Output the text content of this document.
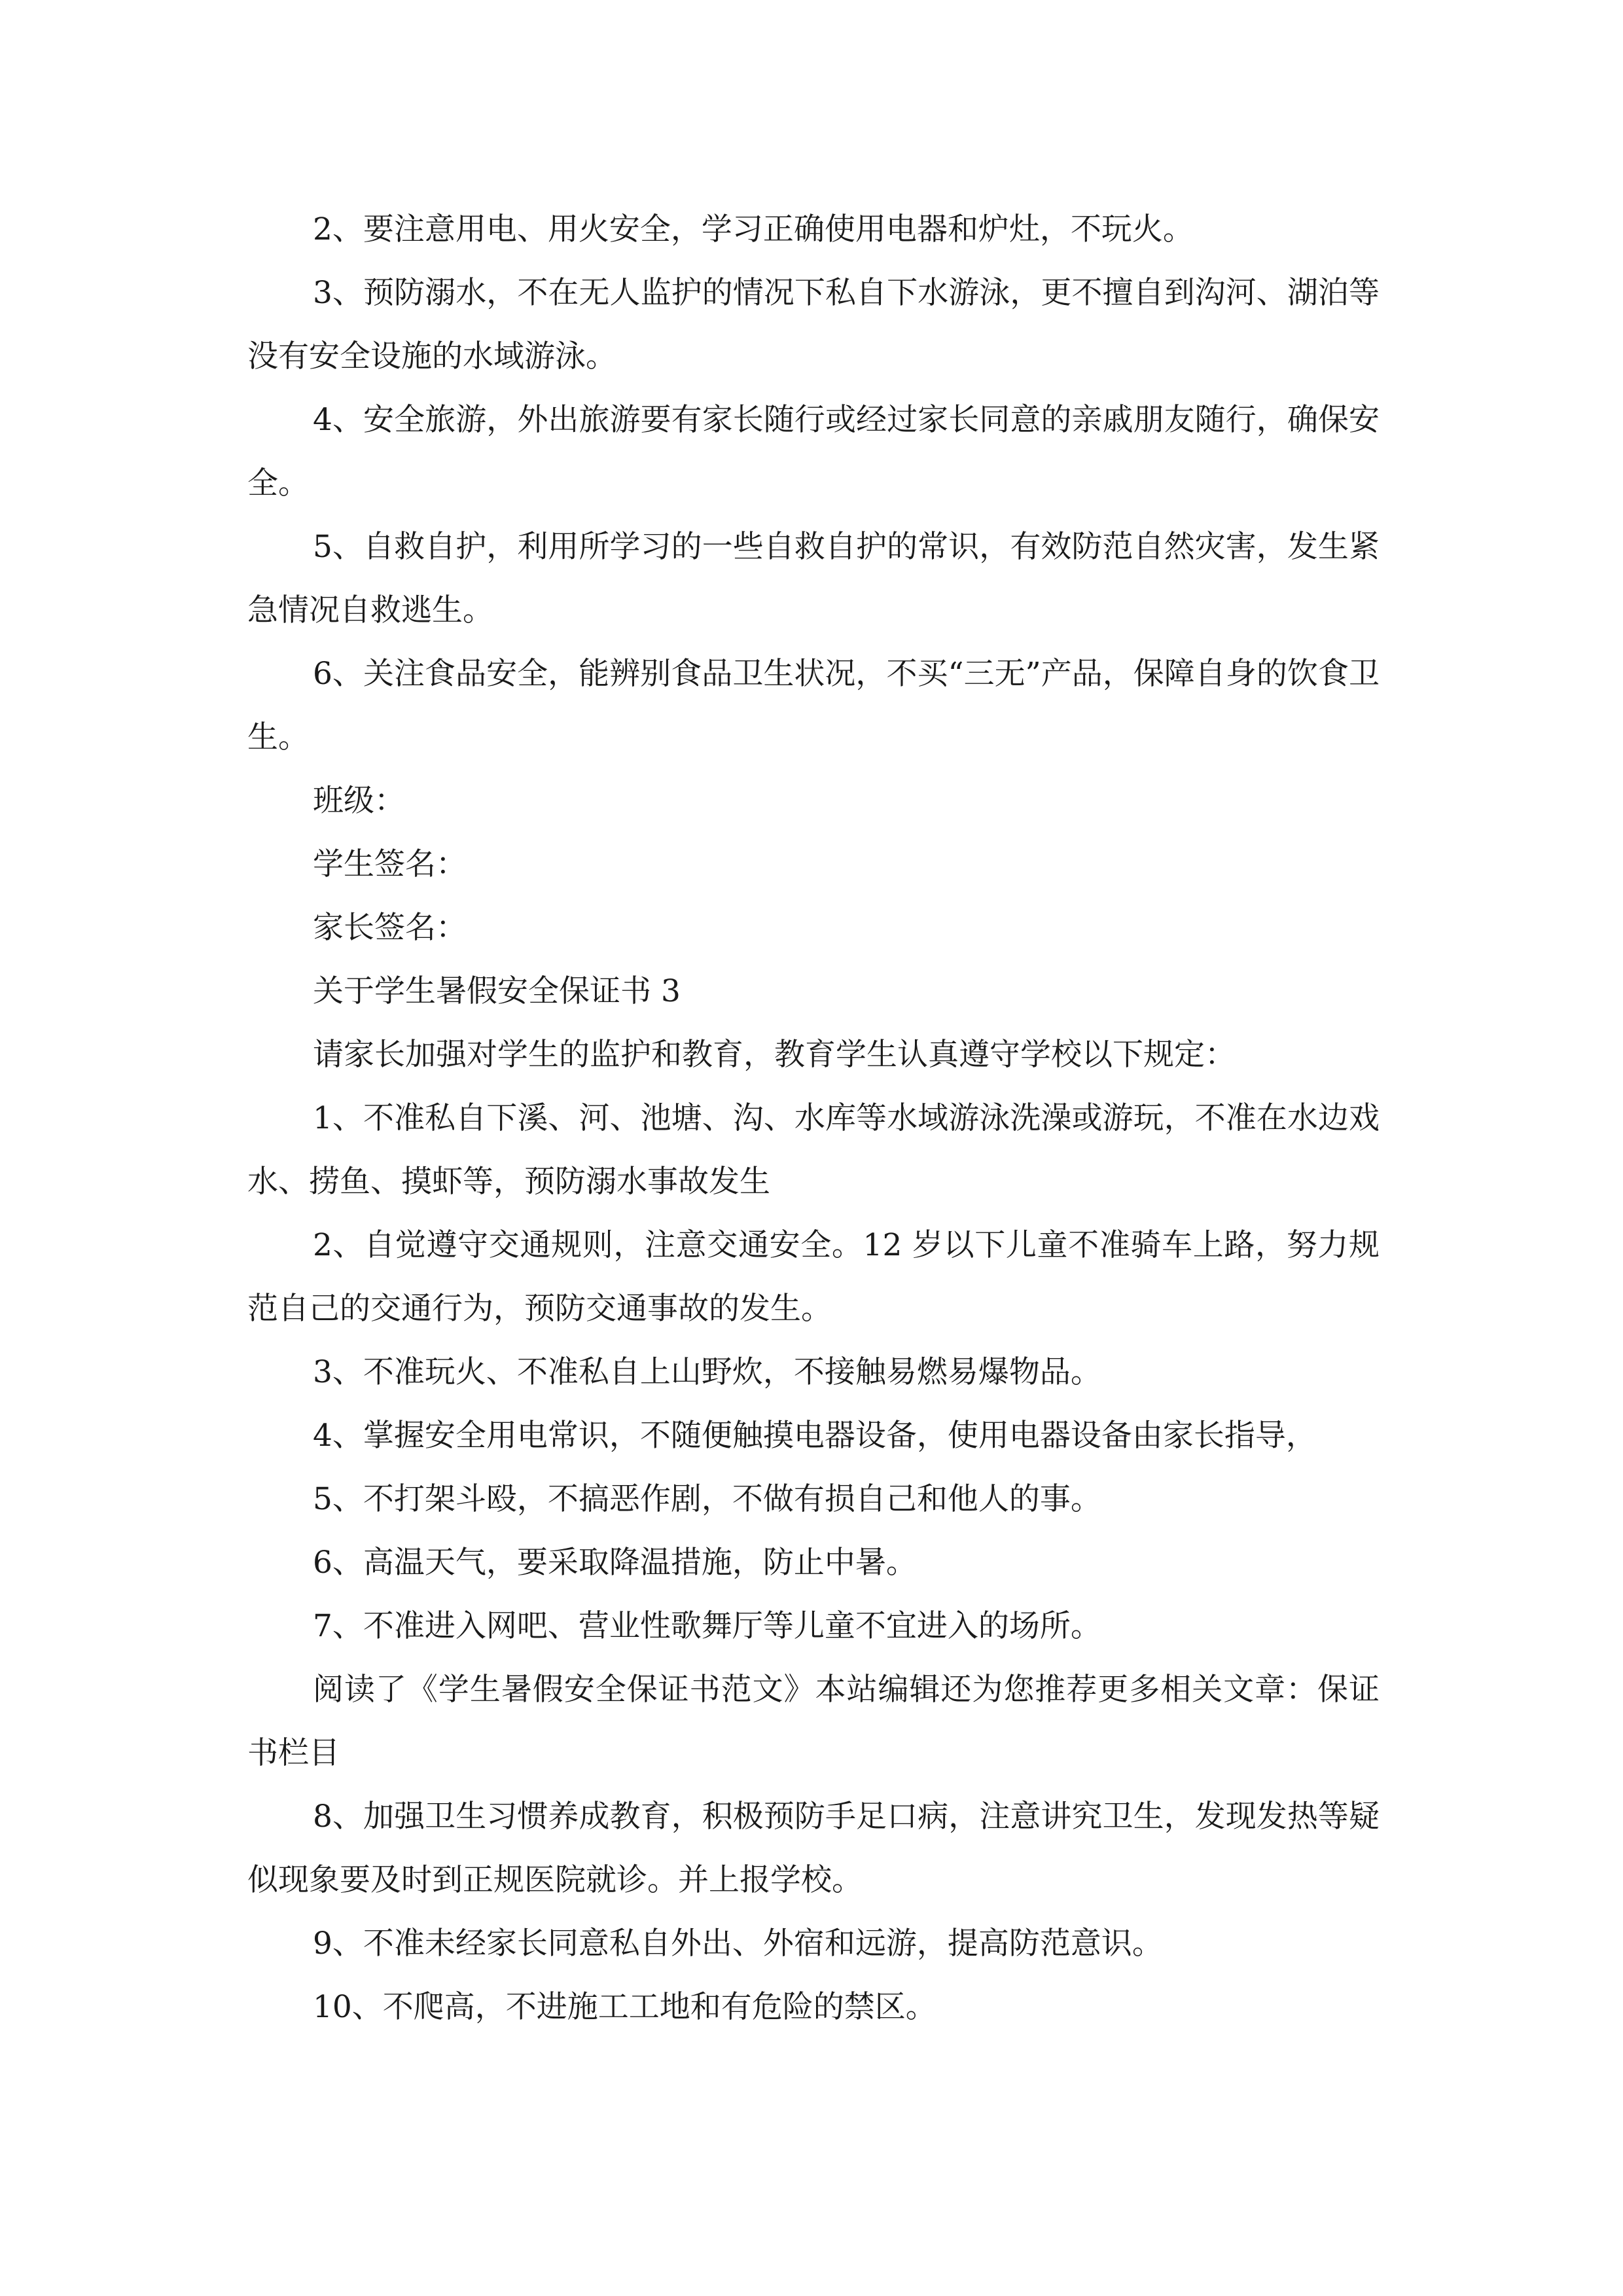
2、要注意用电、用火安全，学习正确使用电器和炉灶，不玩火。

3、预防溺水，不在无人监护的情况下私自下水游泳，更不擅自到沟河、湖泊等没有安全设施的水域游泳。

4、安全旅游，外出旅游要有家长随行或经过家长同意的亲戚朋友随行，确保安全。

5、自救自护，利用所学习的一些自救自护的常识，有效防范自然灾害，发生紧急情况自救逃生。

6、关注食品安全，能辨别食品卫生状况，不买“三无”产品，保障自身的饮食卫生。

班级：

学生签名：

家长签名：

关于学生暑假安全保证书 3

请家长加强对学生的监护和教育，教育学生认真遵守学校以下规定：

1、不准私自下溪、河、池塘、沟、水库等水域游泳洗澡或游玩，不准在水边戏水、捞鱼、摸虾等，预防溺水事故发生

2、自觉遵守交通规则，注意交通安全。12 岁以下儿童不准骑车上路，努力规范自己的交通行为，预防交通事故的发生。

3、不准玩火、不准私自上山野炊，不接触易燃易爆物品。

4、掌握安全用电常识，不随便触摸电器设备，使用电器设备由家长指导，

5、不打架斗殴，不搞恶作剧，不做有损自己和他人的事。

6、高温天气，要采取降温措施，防止中暑。

7、不准进入网吧、营业性歌舞厅等儿童不宜进入的场所。

阅读了《学生暑假安全保证书范文》本站编辑还为您推荐更多相关文章：保证书栏目

8、加强卫生习惯养成教育，积极预防手足口病，注意讲究卫生，发现发热等疑似现象要及时到正规医院就诊。并上报学校。

9、不准未经家长同意私自外出、外宿和远游，提高防范意识。

10、不爬高，不进施工工地和有危险的禁区。
